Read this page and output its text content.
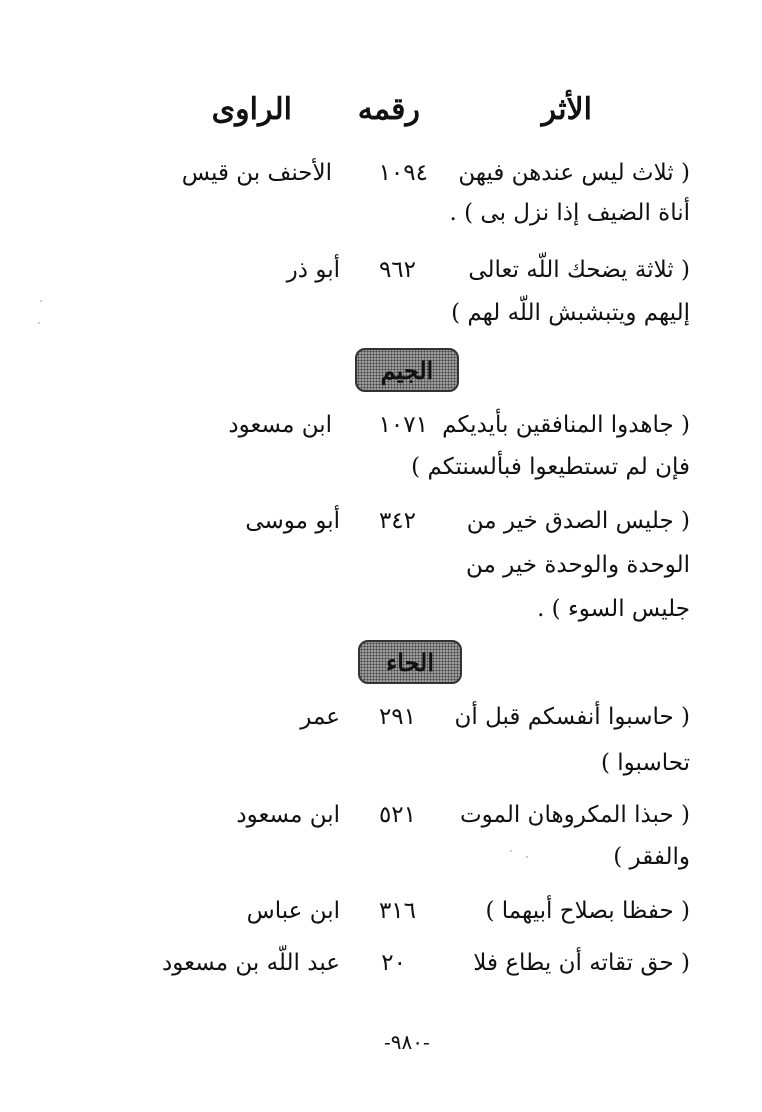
الأثر
رقمه
الراوى
( ثلاث ليس عندهن فيهن
١٠٩٤
الأحنف بن قيس
أناة الضيف إذا نزل بى ) .
( ثلاثة يضحك اللّه تعالى
٩٦٢
أبو ذر
إليهم ويتبشبش اللّه لهم )
الجيم
( جاهدوا المنافقين بأيديكم
١٠٧١
ابن مسعود
فإن لم تستطيعوا فبألسنتكم )
( جليس الصدق خير من
٣٤٢
أبو موسى
الوحدة والوحدة خير من
جليس السوء ) .
الحاء
( حاسبوا أنفسكم قبل أن
٢٩١
عمر
تحاسبوا )
( حبذا المكروهان الموت
٥٢١
ابن مسعود
والفقر )
( حفظا بصلاح أبيهما )
٣١٦
ابن عباس
( حق تقاته أن يطاع فلا
٢٠
عبد اللّه بن مسعود
-٩٨٠-
